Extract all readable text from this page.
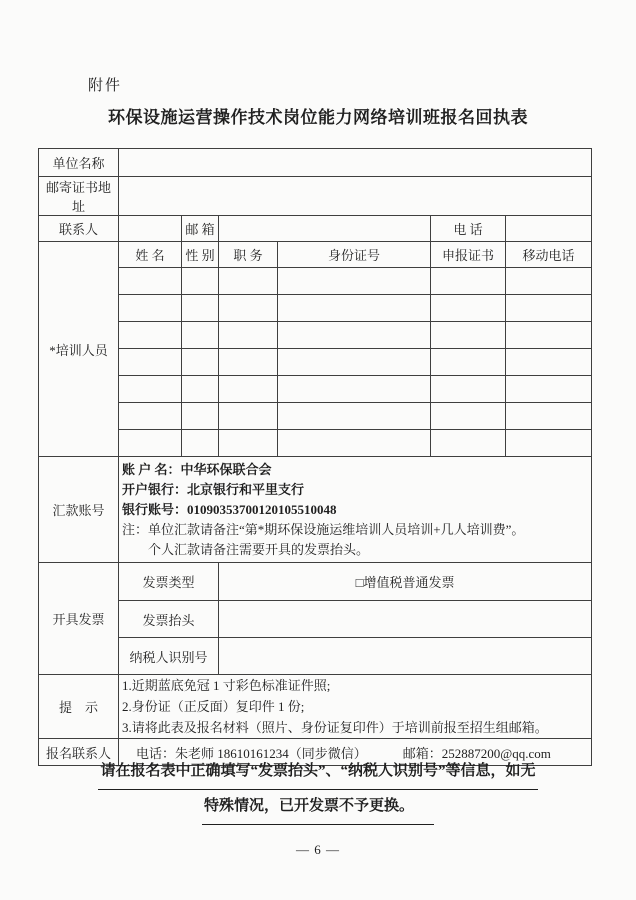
附件
环保设施运营操作技术岗位能力网络培训班报名回执表
单位名称						
邮寄证书地址						
联系人		邮 箱			电 话	
*培训人员	姓 名	性 别	职 务	身份证号	申报证书	移动电话

汇款账号	账 户 名：中华环保联合会
开户银行：北京银行和平里支行
银行账号：01090353700120105510048
注：单位汇款请备注“第*期环保设施运维培训人员培训+几人培训费”。
个人汇款请备注需要开具的发票抬头。					

开具发票	发票类型		□增值税普通发票			
	发票抬头					
	纳税人识别号					
提　示	1.近期蓝底免冠 1 寸彩色标准证件照;
2.身份证（正反面）复印件 1 份;
3.请将此表及报名材料（照片、身份证复印件）于培训前报至招生组邮箱。					

报名联系人	电话：朱老师 18610161234（同步微信） 邮箱：252887200@qq.com					
请在报名表中正确填写“发票抬头”、“纳税人识别号”等信息，如无
特殊情况，已开发票不予更换。
— 6 —
